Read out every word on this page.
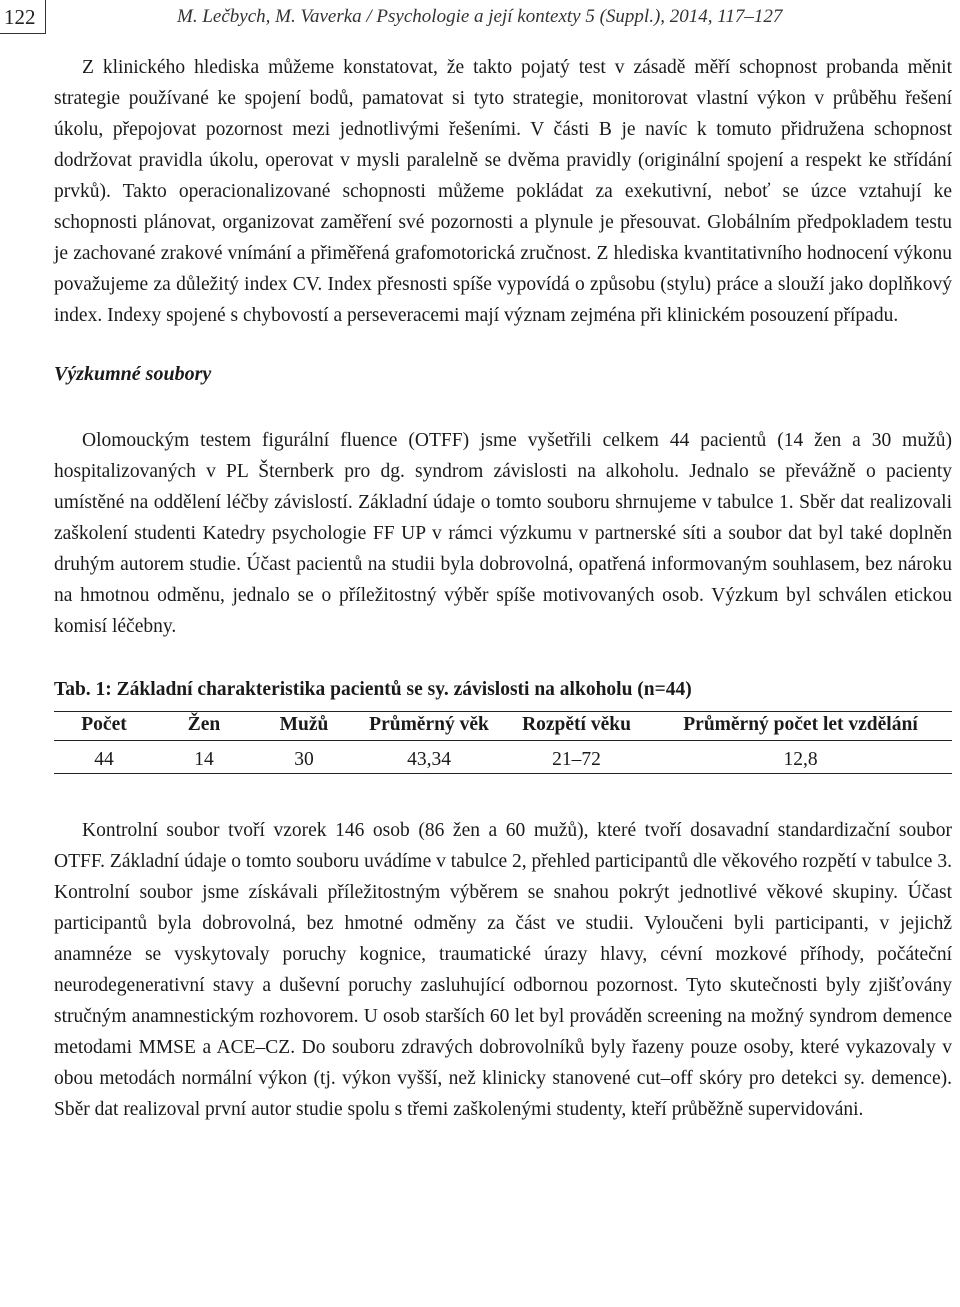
122	M. Lečbych, M. Vaverka / Psychologie a její kontexty 5 (Suppl.), 2014, 117–127

Z klinického hlediska můžeme konstatovat, že takto pojatý test v zásadě měří schopnost probanda měnit strategie používané ke spojení bodů, pamatovat si tyto strategie, monitorovat vlastní výkon v průběhu řešení úkolu, přepojovat pozornost mezi jednotlivými řešeními. V části B je navíc k tomuto přidružena schopnost dodržovat pravidla úkolu, operovat v mysli paralelně se dvěma pravidly (originální spojení a respekt ke střídání prvků). Takto operacionalizované schopnosti můžeme pokládat za exekutivní, neboť se úzce vztahují ke schopnosti plánovat, organizovat zaměření své pozornosti a plynule je přesouvat. Globálním předpokladem testu je zachované zrakové vnímání a přiměřená grafomotorická zručnost. Z hlediska kvantitativního hodnocení výkonu považujeme za důležitý index CV. Index přesnosti spíše vypovídá o způsobu (stylu) práce a slouží jako doplňkový index. Indexy spojené s chybovostí a perseveracemi mají význam zejména při klinickém posouzení případu.

Výzkumné soubory

Olomouckým testem figurální fluence (OTFF) jsme vyšetřili celkem 44 pacientů (14 žen a 30 mužů) hospitalizovaných v PL Šternberk pro dg. syndrom závislosti na alkoholu. Jednalo se převážně o pacienty umístěné na oddělení léčby závislostí. Základní údaje o tomto souboru shrnujeme v tabulce 1. Sběr dat realizovali zaškolení studenti Katedry psychologie FF UP v rámci výzkumu v partnerské síti a soubor dat byl také doplněn druhým autorem studie. Účast pacientů na studii byla dobrovolná, opatřená informovaným souhlasem, bez nároku na hmotnou odměnu, jednalo se o příležitostný výběr spíše motivovaných osob. Výzkum byl schválen etickou komisí léčebny.

Tab. 1: Základní charakteristika pacientů se sy. závislosti na alkoholu (n=44)

Počet	Žen	Mužů	Průměrný věk	Rozpětí věku	Průměrný počet let vzdělání
44	14	30	43,34	21–72	12,8

Kontrolní soubor tvoří vzorek 146 osob (86 žen a 60 mužů), které tvoří dosavadní standardizační soubor OTFF. Základní údaje o tomto souboru uvádíme v tabulce 2, přehled participantů dle věkového rozpětí v tabulce 3. Kontrolní soubor jsme získávali příležitostným výběrem se snahou pokrýt jednotlivé věkové skupiny. Účast participantů byla dobrovolná, bez hmotné odměny za část ve studii. Vyloučeni byli participanti, v jejichž anamnéze se vyskytovaly poruchy kognice, traumatické úrazy hlavy, cévní mozkové příhody, počáteční neurodegenerativní stavy a duševní poruchy zasluhující odbornou pozornost. Tyto skutečnosti byly zjišťovány stručným anamnestickým rozhovorem. U osob starších 60 let byl prováděn screening na možný syndrom demence metodami MMSE a ACE–CZ. Do souboru zdravých dobrovolníků byly řazeny pouze osoby, které vykazovaly v obou metodách normální výkon (tj. výkon vyšší, než klinicky stanovené cut–off skóry pro detekci sy. demence). Sběr dat realizoval první autor studie spolu s třemi zaškolenými studenty, kteří průběžně supervidováni.
